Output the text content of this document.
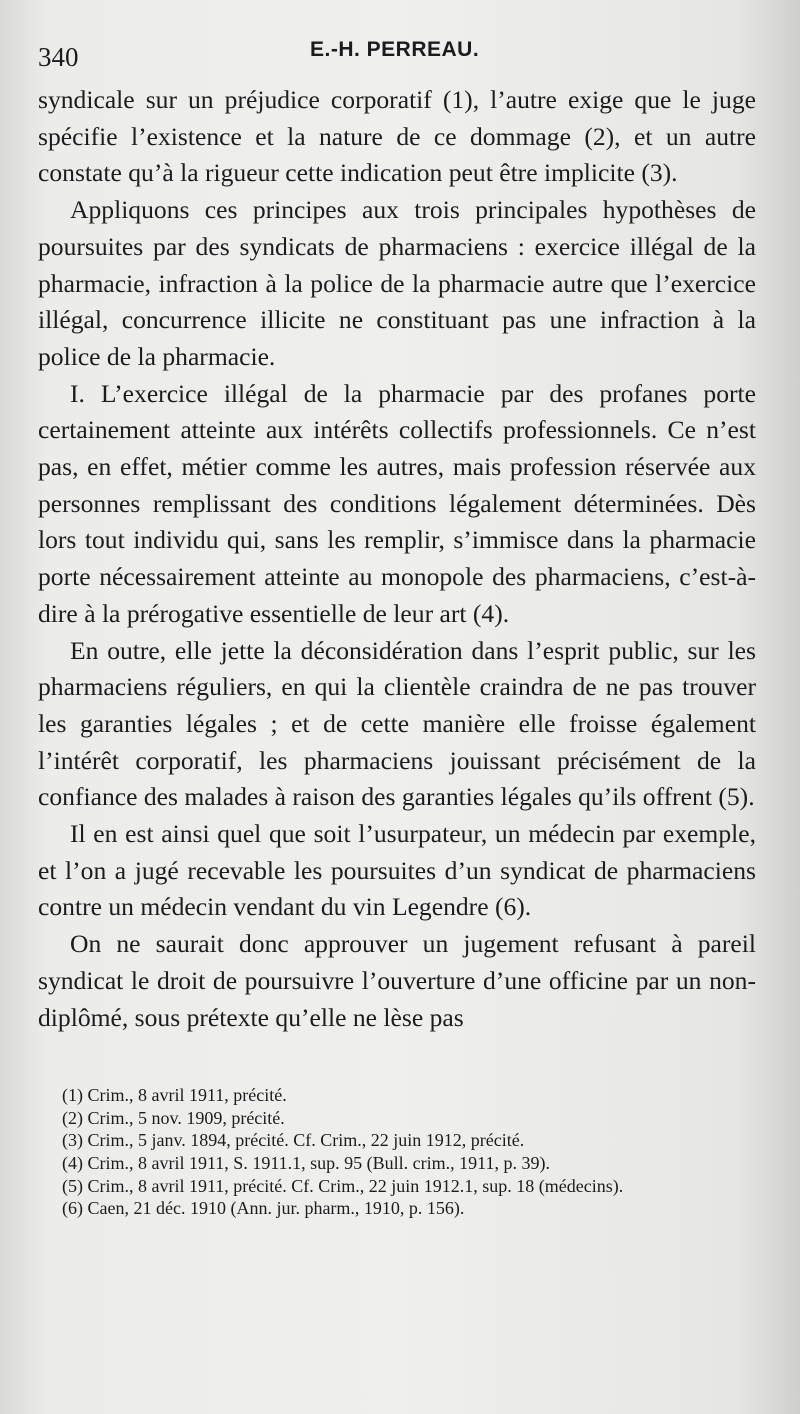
340	E.-H. PERREAU.

syndicale sur un préjudice corporatif (1), l’autre exige que le juge spécifie l’existence et la nature de ce dommage (2), et un autre constate qu’à la rigueur cette indication peut être implicite (3).

Appliquons ces principes aux trois principales hypothèses de poursuites par des syndicats de pharmaciens : exercice illégal de la pharmacie, infraction à la police de la pharmacie autre que l’exercice illégal, concurrence illicite ne constituant pas une infraction à la police de la pharmacie.

I. L’exercice illégal de la pharmacie par des profanes porte certainement atteinte aux intérêts collectifs professionnels. Ce n’est pas, en effet, métier comme les autres, mais profession réservée aux personnes remplissant des conditions légalement déterminées. Dès lors tout individu qui, sans les remplir, s’immisce dans la pharmacie porte nécessairement atteinte au monopole des pharmaciens, c’est-à-dire à la prérogative essentielle de leur art (4).

En outre, elle jette la déconsidération dans l’esprit public, sur les pharmaciens réguliers, en qui la clientèle craindra de ne pas trouver les garanties légales ; et de cette manière elle froisse également l’intérêt corporatif, les pharmaciens jouissant précisément de la confiance des malades à raison des garanties légales qu’ils offrent (5).

Il en est ainsi quel que soit l’usurpateur, un médecin par exemple, et l’on a jugé recevable les poursuites d’un syndicat de pharmaciens contre un médecin vendant du vin Legendre (6).

On ne saurait donc approuver un jugement refusant à pareil syndicat le droit de poursuivre l’ouverture d’une officine par un non-diplômé, sous prétexte qu’elle ne lèse pas

(1) Crim., 8 avril 1911, précité.
(2) Crim., 5 nov. 1909, précité.
(3) Crim., 5 janv. 1894, précité. Cf. Crim., 22 juin 1912, précité.
(4) Crim., 8 avril 1911, S. 1911.1, sup. 95 (Bull. crim., 1911, p. 39).
(5) Crim., 8 avril 1911, précité. Cf. Crim., 22 juin 1912.1, sup. 18 (médecins).
(6) Caen, 21 déc. 1910 (Ann. jur. pharm., 1910, p. 156).
